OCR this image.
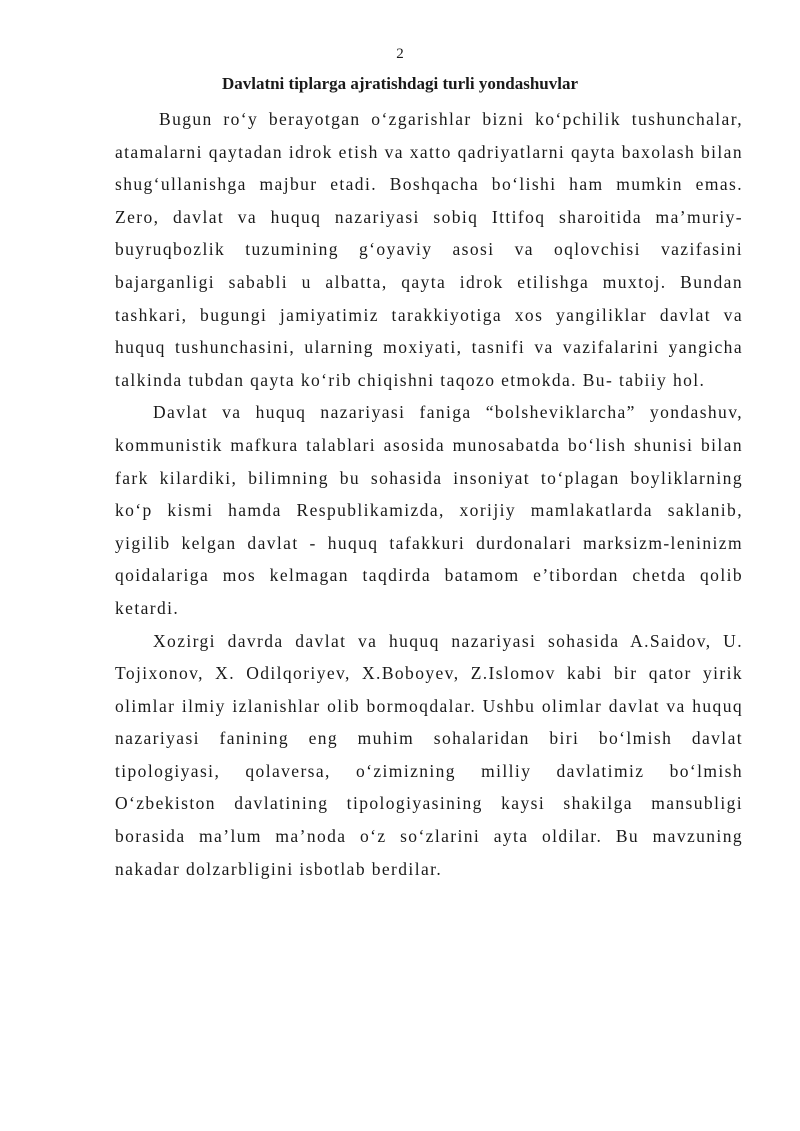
2
Davlatni tiplarga ajratishdagi turli yondashuvlar

Bugun ro‘y berayotgan o‘zgarishlar bizni ko‘pchilik tushunchalar, atamalarni qaytadan idrok etish va xatto qadriyatlarni qayta baxolash bilan shug‘ullanishga majbur etadi. Boshqacha bo‘lishi ham mumkin emas. Zero, davlat va huquq nazariyasi sobiq Ittifoq sharoitida ma’muriy-buyruqbozlik tuzumining g‘oyaviy asosi va oqlovchisi vazifasini bajarganligi sababli u albatta, qayta idrok etilishga muxtoj. Bundan tashkari, bugungi jamiyatimiz tarakkiyotiga xos yangiliklar davlat va huquq tushunchasini, ularning moxiyati, tasnifi va vazifalarini yangicha talkinda tubdan qayta ko‘rib chiqishni taqozo etmokda. Bu- tabiiy hol.

Davlat va huquq nazariyasi faniga “bolsheviklarcha” yondashuv, kommunistik mafkura talablari asosida munosabatda bo‘lish shunisi bilan fark kilardiki, bilimning bu sohasida insoniyat to‘plagan boyliklarning ko‘p kismi hamda Respublikamizda, xorijiy mamlakatlarda saklanib, yigilib kelgan davlat - huquq tafakkuri durdonalari marksizm-leninizm qoidalariga mos kelmagan taqdirda batamom e’tibordan chetda qolib ketardi.

Xozirgi davrda davlat va huquq nazariyasi sohasida A.Saidov, U. Tojixonov, X. Odilqoriyev, X.Boboyev, Z.Islomov kabi bir qator yirik olimlar ilmiy izlanishlar olib bormoqdalar. Ushbu olimlar davlat va huquq nazariyasi fanining eng muhim sohalaridan biri bo‘lmish davlat tipologiyasi, qolaversa, o‘zimizning milliy davlatimiz bo‘lmish O‘zbekiston davlatining tipologiyasining kaysi shakilga mansubligi borasida ma’lum ma’noda o‘z so‘zlarini ayta oldilar. Bu mavzuning nakadar dolzarbligini isbotlab berdilar.
